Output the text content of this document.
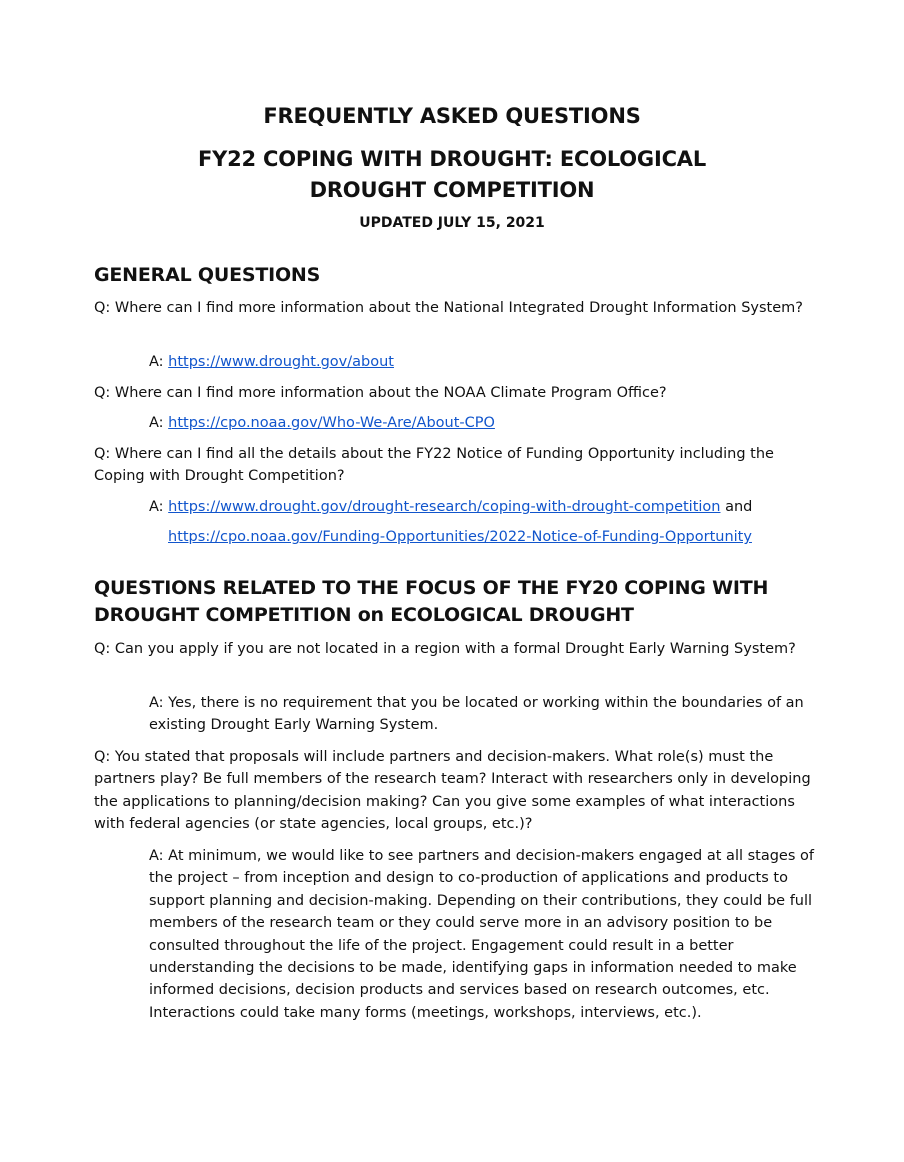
FREQUENTLY ASKED QUESTIONS
FY22 COPING WITH DROUGHT: ECOLOGICAL DROUGHT COMPETITION
UPDATED JULY 15, 2021
GENERAL QUESTIONS
Q: Where can I find more information about the National Integrated Drought Information System?
A: https://www.drought.gov/about
Q: Where can I find more information about the NOAA Climate Program Office?
A: https://cpo.noaa.gov/Who-We-Are/About-CPO
Q: Where can I find all the details about the FY22 Notice of Funding Opportunity including the Coping with Drought Competition?
A: https://www.drought.gov/drought-research/coping-with-drought-competition and
https://cpo.noaa.gov/Funding-Opportunities/2022-Notice-of-Funding-Opportunity
QUESTIONS RELATED TO THE FOCUS OF THE FY20 COPING WITH DROUGHT COMPETITION on ECOLOGICAL DROUGHT
Q: Can you apply if you are not located in a region with a formal Drought Early Warning System?
A: Yes, there is no requirement that you be located or working within the boundaries of an existing Drought Early Warning System.
Q: You stated that proposals will include partners and decision-makers. What role(s) must the partners play? Be full members of the research team? Interact with researchers only in developing the applications to planning/decision making? Can you give some examples of what interactions with federal agencies (or state agencies, local groups, etc.)?
A: At minimum, we would like to see partners and decision-makers engaged at all stages of the project – from inception and design to co-production of applications and products to support planning and decision-making. Depending on their contributions, they could be full members of the research team or they could serve more in an advisory position to be consulted throughout the life of the project. Engagement could result in a better understanding the decisions to be made, identifying gaps in information needed to make informed decisions, decision products and services based on research outcomes, etc. Interactions could take many forms (meetings, workshops, interviews, etc.).
